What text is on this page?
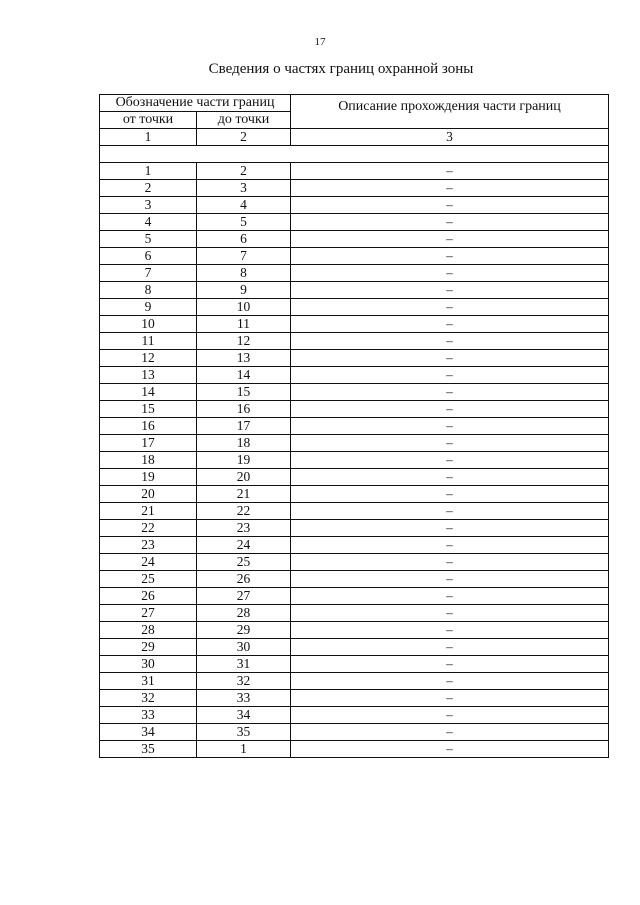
17
Сведения о частях границ охранной зоны
Обозначение части границ		Описание прохождения части границ
от точки	до точки	
1	2	3

1	2	–
2	3	–
3	4	–
4	5	–
5	6	–
6	7	–
7	8	–
8	9	–
9	10	–
10	11	–
11	12	–
12	13	–
13	14	–
14	15	–
15	16	–
16	17	–
17	18	–
18	19	–
19	20	–
20	21	–
21	22	–
22	23	–
23	24	–
24	25	–
25	26	–
26	27	–
27	28	–
28	29	–
29	30	–
30	31	–
31	32	–
32	33	–
33	34	–
34	35	–
35	1	–
